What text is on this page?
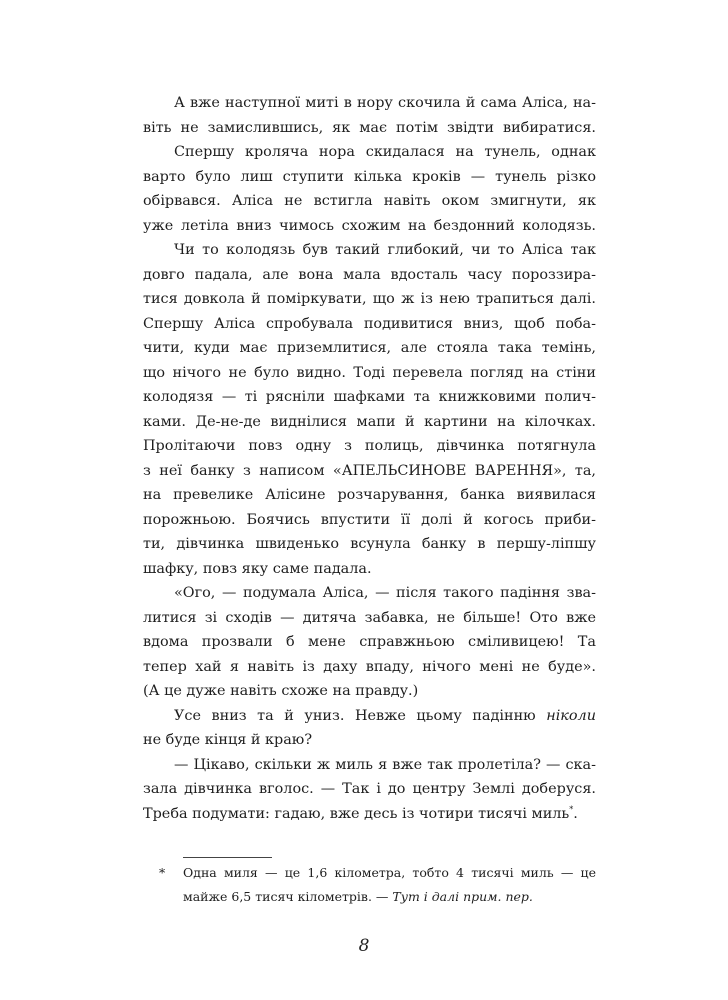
А вже наступної миті в нору скочила й сама Аліса, на-
віть не замислившись, як має потім звідти вибиратися.
Спершу кроляча нора скидалася на тунель, однак
варто було лиш ступити кілька кроків — тунель різко
обірвався. Аліса не встигла навіть оком змигнути, як
уже летіла вниз чимось схожим на бездонний колодязь.
Чи то колодязь був такий глибокий, чи то Аліса так
довго падала, але вона мала вдосталь часу пороззира-
тися довкола й поміркувати, що ж із нею трапиться далі.
Спершу Аліса спробувала подивитися вниз, щоб поба-
чити, куди має приземлитися, але стояла така темінь,
що нічого не було видно. Тоді перевела погляд на стіни
колодязя — ті рясніли шафками та книжковими полич-
ками. Де-не-де виднілися мапи й картини на кілочках.
Пролітаючи повз одну з полиць, дівчинка потягнула
з неї банку з написом «АПЕЛЬСИНОВЕ ВАРЕННЯ», та,
на превелике Алісине розчарування, банка виявилася
порожньою. Боячись впустити її долі й когось приби-
ти, дівчинка швиденько всунула банку в першу-ліпшу
шафку, повз яку саме падала.
«Ого, — подумала Аліса, — після такого падіння зва-
литися зі сходів — дитяча забавка, не більше! Ото вже
вдома прозвали б мене справжньою сміливицею! Та
тепер хай я навіть із даху впаду, нічого мені не буде».
(А це дуже навіть схоже на правду.)
Усе вниз та й униз. Невже цьому падінню ніколи
не буде кінця й краю?
— Цікаво, скільки ж миль я вже так пролетіла? — ска-
зала дівчинка вголос. — Так і до центру Землі доберуся.
Треба подумати: гадаю, вже десь із чотири тисячі миль*.
* Одна миля — це 1,6 кілометра, тобто 4 тисячі миль — це
майже 6,5 тисяч кілометрів. — Тут і далі прим. пер.
8
